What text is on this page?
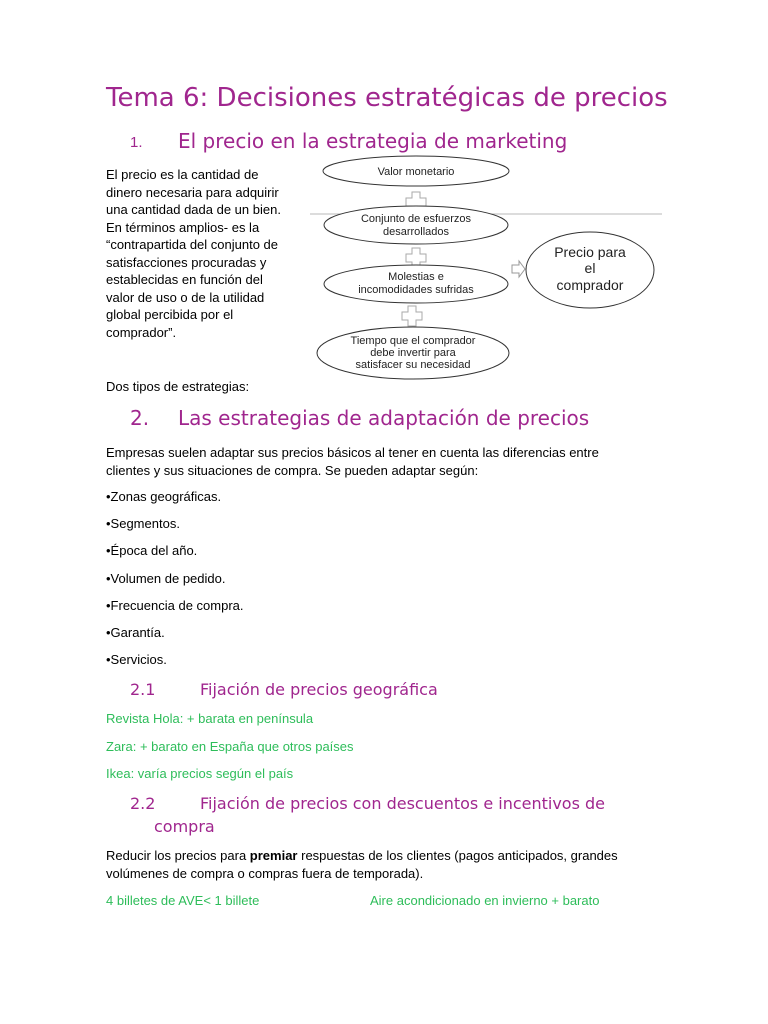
Tema 6: Decisiones estratégicas de precios
1. El precio en la estrategia de marketing
El precio es la cantidad de
dinero necesaria para adquirir
una cantidad dada de un bien.
En términos amplios- es la
“contrapartida del conjunto de
satisfacciones procuradas y
establecidas en función del
valor de uso o de la utilidad
global percibida por el
comprador”.
Valor monetario
Conjunto de esfuerzos
desarrollados
Molestias e
incomodidades sufridas
Tiempo que el comprador
debe invertir para
satisfacer su necesidad
Precio para
el
comprador
Dos tipos de estrategias:
2. Las estrategias de adaptación de precios
Empresas suelen adaptar sus precios básicos al tener en cuenta las diferencias entre
clientes y sus situaciones de compra. Se pueden adaptar según:
•Zonas geográficas.
•Segmentos.
•Época del año.
•Volumen de pedido.
•Frecuencia de compra.
•Garantía.
•Servicios.
2.1	Fijación de precios geográfica
Revista Hola: + barata en península
Zara: + barato en España que otros países
Ikea: varía precios según el país
2.2	Fijación de precios con descuentos e incentivos de
compra
Reducir los precios para premiar respuestas de los clientes (pagos anticipados, grandes
volúmenes de compra o compras fuera de temporada).
4 billetes de AVE< 1 billete	Aire acondicionado en invierno + barato
